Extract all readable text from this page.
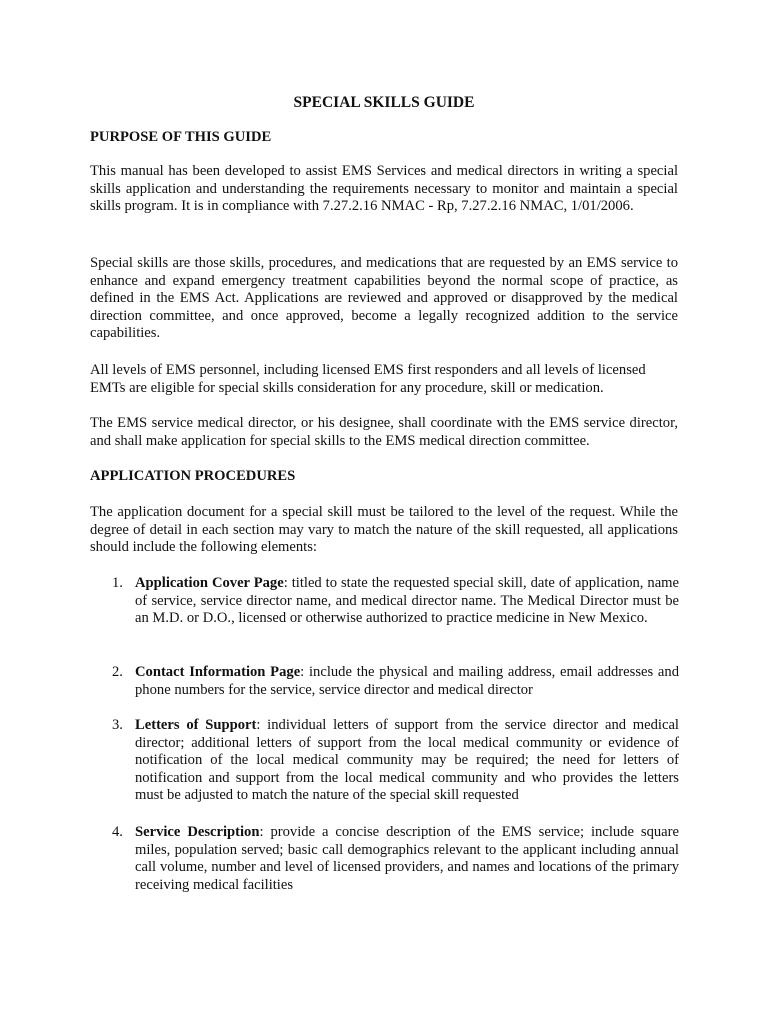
SPECIAL SKILLS GUIDE
PURPOSE OF THIS GUIDE

This manual has been developed to assist EMS Services and medical directors in writing a special skills application and understanding the requirements necessary to monitor and maintain a special skills program. It is in compliance with 7.27.2.16 NMAC - Rp, 7.27.2.16 NMAC, 1/01/2006.

Special skills are those skills, procedures, and medications that are requested by an EMS service to enhance and expand emergency treatment capabilities beyond the normal scope of practice, as defined in the EMS Act. Applications are reviewed and approved or disapproved by the medical direction committee, and once approved, become a legally recognized addition to the service capabilities.

All levels of EMS personnel, including licensed EMS first responders and all levels of licensed EMTs are eligible for special skills consideration for any procedure, skill or medication.

The EMS service medical director, or his designee, shall coordinate with the EMS service director, and shall make application for special skills to the EMS medical direction committee.

APPLICATION PROCEDURES

The application document for a special skill must be tailored to the level of the request. While the degree of detail in each section may vary to match the nature of the skill requested, all applications should include the following elements:

1. Application Cover Page: titled to state the requested special skill, date of application, name of service, service director name, and medical director name. The Medical Director must be an M.D. or D.O., licensed or otherwise authorized to practice medicine in New Mexico.
2. Contact Information Page: include the physical and mailing address, email addresses and phone numbers for the service, service director and medical director
3. Letters of Support: individual letters of support from the service director and medical director; additional letters of support from the local medical community or evidence of notification of the local medical community may be required; the need for letters of notification and support from the local medical community and who provides the letters must be adjusted to match the nature of the special skill requested
4. Service Description: provide a concise description of the EMS service; include square miles, population served; basic call demographics relevant to the applicant including annual call volume, number and level of licensed providers, and names and locations of the primary receiving medical facilities
